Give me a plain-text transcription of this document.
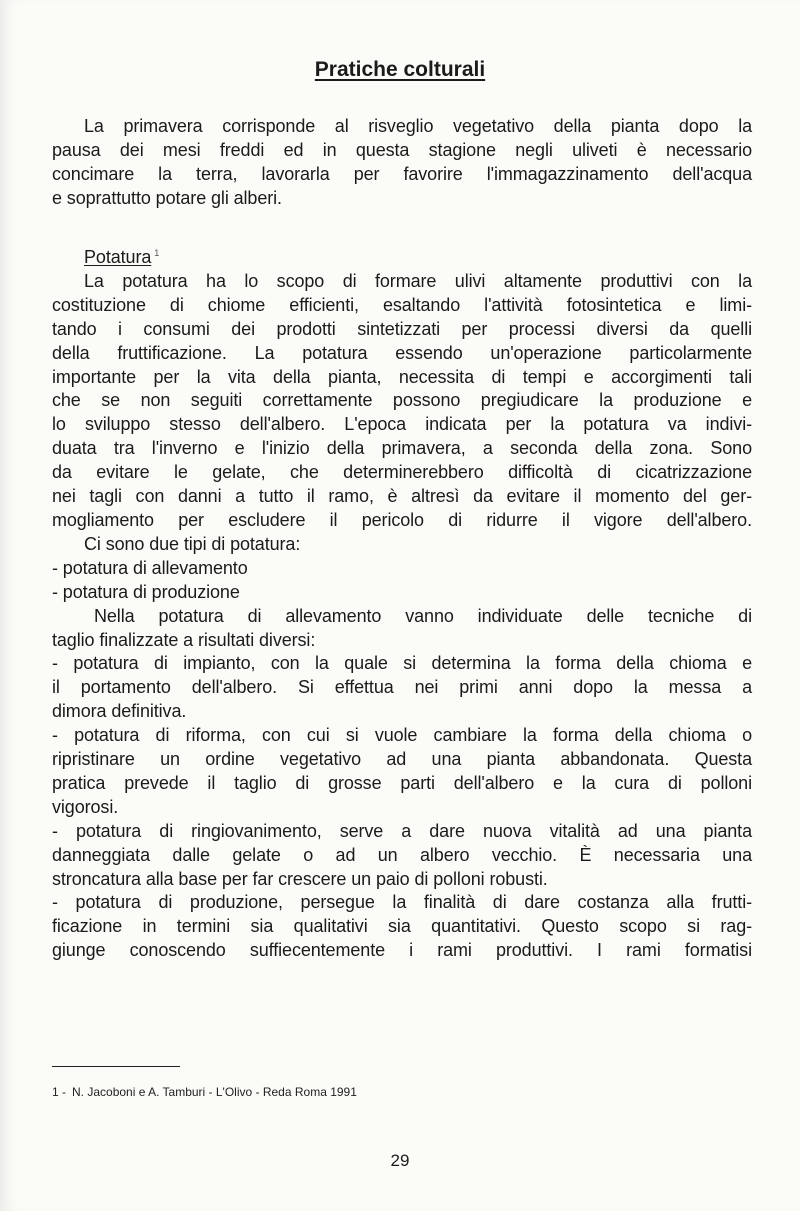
Pratiche colturali

La primavera corrisponde al risveglio vegetativo della pianta dopo la

pausa dei mesi freddi ed in questa stagione negli uliveti è necessario

concimare la terra, lavorarla per favorire l'immagazzinamento dell'acqua

e soprattutto potare gli alberi.

Potatura $^1$

La potatura ha lo scopo di formare ulivi altamente produttivi con la

costituzione di chiome efficienti, esaltando l'attività fotosintetica e limi-

tando i consumi dei prodotti sintetizzati per processi diversi da quelli

della fruttificazione. La potatura essendo un'operazione particolarmente

importante per la vita della pianta, necessita di tempi e accorgimenti tali

che se non seguiti correttamente possono pregiudicare la produzione e

lo sviluppo stesso dell'albero. L'epoca indicata per la potatura va indivi-

duata tra l'inverno e l'inizio della primavera, a seconda della zona. Sono

da evitare le gelate, che determinerebbero difficoltà di cicatrizzazione

nei tagli con danni a tutto il ramo, è altresì da evitare il momento del ger-

mogliamento per escludere il pericolo di ridurre il vigore dell'albero.

Ci sono due tipi di potatura:

- potatura di allevamento

- potatura di produzione

Nella potatura di allevamento vanno individuate delle tecniche di

taglio finalizzate a risultati diversi:

- potatura di impianto, con la quale si determina la forma della chioma e

il portamento dell'albero. Si effettua nei primi anni dopo la messa a

dimora definitiva.

- potatura di riforma, con cui si vuole cambiare la forma della chioma o

ripristinare un ordine vegetativo ad una pianta abbandonata. Questa

pratica prevede il taglio di grosse parti dell'albero e la cura di polloni

vigorosi.

- potatura di ringiovanimento, serve a dare nuova vitalità ad una pianta

danneggiata dalle gelate o ad un albero vecchio. È necessaria una

stroncatura alla base per far crescere un paio di polloni robusti.

- potatura di produzione, persegue la finalità di dare costanza alla frutti-

ficazione in termini sia qualitativi sia quantitativi. Questo scopo si rag-

giunge conoscendo suffiecentemente i rami produttivi. I rami formatisi

1 - N. Jacoboni e A. Tamburi - L'Olivo - Reda Roma 1991
29
